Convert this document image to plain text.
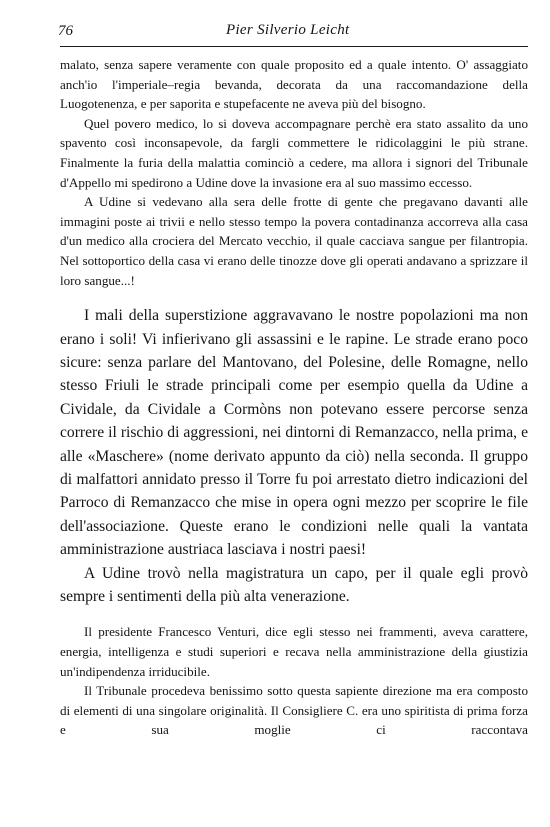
76	Pier Silverio Leicht

malato, senza sapere veramente con quale proposito ed a quale intento. O' assaggiato anch'io l'imperiale–regia bevanda, decorata da una raccomandazione della Luogotenenza, e per saporita e stupefacente ne aveva più del bisogno.

Quel povero medico, lo si doveva accompagnare perchè era stato assalito da uno spavento così inconsapevole, da fargli commettere le ridicolaggini le più strane. Finalmente la furia della malattia cominciò a cedere, ma allora i signori del Tribunale d'Appello mi spedirono a Udine dove la invasione era al suo massimo eccesso.

A Udine si vedevano alla sera delle frotte di gente che pregavano davanti alle immagini poste ai trivii e nello stesso tempo la povera contadinanza accorreva alla casa d'un medico alla crociera del Mercato vecchio, il quale cacciava sangue per filantropia. Nel sottoportico della casa vi erano delle tinozze dove gli operati andavano a sprizzare il loro sangue...!

I mali della superstizione aggravavano le nostre popolazioni ma non erano i soli! Vi infierivano gli assassini e le rapine. Le strade erano poco sicure: senza parlare del Mantovano, del Polesine, delle Romagne, nello stesso Friuli le strade principali come per esempio quella da Udine a Cividale, da Cividale a Cormòns non potevano essere percorse senza correre il rischio di aggressioni, nei dintorni di Remanzacco, nella prima, e alle «Maschere» (nome derivato appunto da ciò) nella seconda. Il gruppo di malfattori annidato presso il Torre fu poi arrestato dietro indicazioni del Parroco di Remanzacco che mise in opera ogni mezzo per scoprire le file dell'associazione. Queste erano le condizioni nelle quali la vantata amministrazione austriaca lasciava i nostri paesi!

A Udine trovò nella magistratura un capo, per il quale egli provò sempre i sentimenti della più alta venerazione.

Il presidente Francesco Venturi, dice egli stesso nei frammenti, aveva carattere, energia, intelligenza e studi superiori e recava nella amministrazione della giustizia un'indipendenza irriducibile.

Il Tribunale procedeva benissimo sotto questa sapiente direzione ma era composto di elementi di una singolare originalità. Il Consigliere C. era uno spiritista di prima forza e sua moglie ci raccontava
